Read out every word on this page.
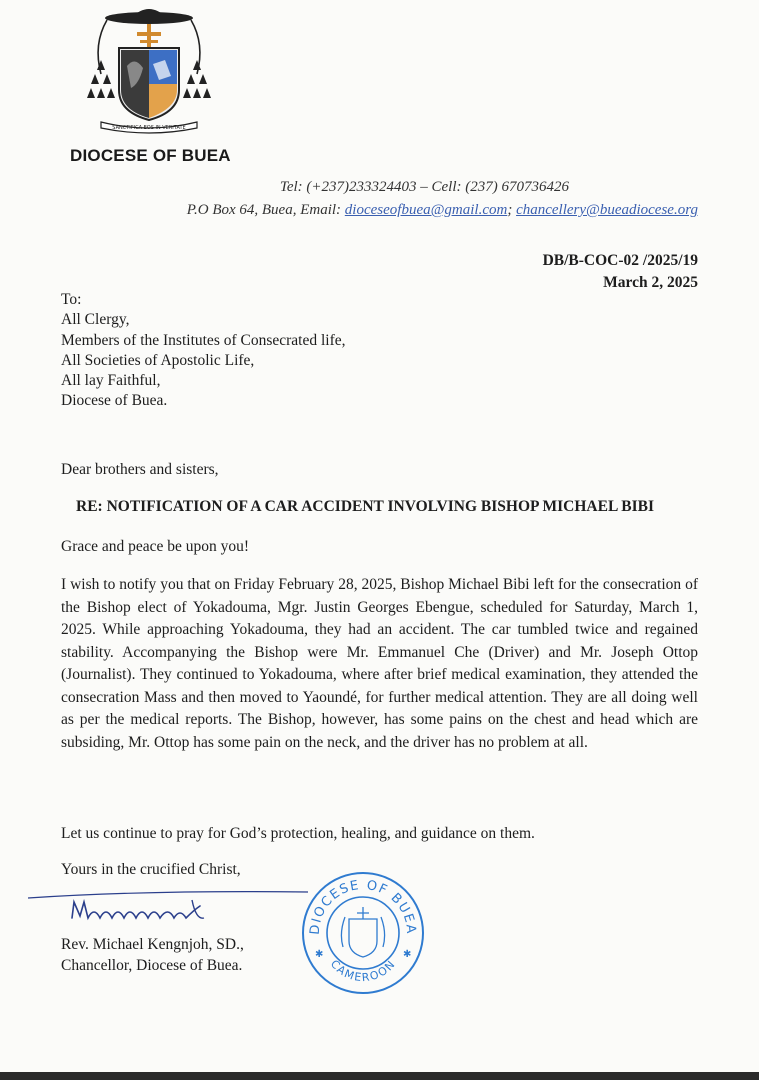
SANCTIFICA EOS IN VERITATE
DIOCESE OF BUEA
Tel: (+237)233324403 – Cell: (237) 670736426
P.O Box 64, Buea, Email: dioceseofbuea@gmail.com; chancellery@bueadiocese.org
DB/B-COC-02 /2025/19
March 2, 2025
To:
All Clergy,
Members of the Institutes of Consecrated life,
All Societies of Apostolic Life,
All lay Faithful,
Diocese of Buea.
Dear brothers and sisters,
RE: NOTIFICATION OF A CAR ACCIDENT INVOLVING BISHOP MICHAEL BIBI
Grace and peace be upon you!
I wish to notify you that on Friday February 28, 2025, Bishop Michael Bibi left for the consecration of the Bishop elect of Yokadouma, Mgr. Justin Georges Ebengue, scheduled for Saturday, March 1, 2025. While approaching Yokadouma, they had an accident. The car tumbled twice and regained stability. Accompanying the Bishop were Mr. Emmanuel Che (Driver) and Mr. Joseph Ottop (Journalist). They continued to Yokadouma, where after brief medical examination, they attended the consecration Mass and then moved to Yaoundé, for further medical attention. They are all doing well as per the medical reports. The Bishop, however, has some pains on the chest and head which are subsiding, Mr. Ottop has some pain on the neck, and the driver has no problem at all.
Let us continue to pray for God’s protection, healing, and guidance on them.
Yours in the crucified Christ,
Rev. Michael Kengnjoh, SD.,
Chancellor, Diocese of Buea.
DIOCESE OF BUEA
CAMEROON
✱	✱
